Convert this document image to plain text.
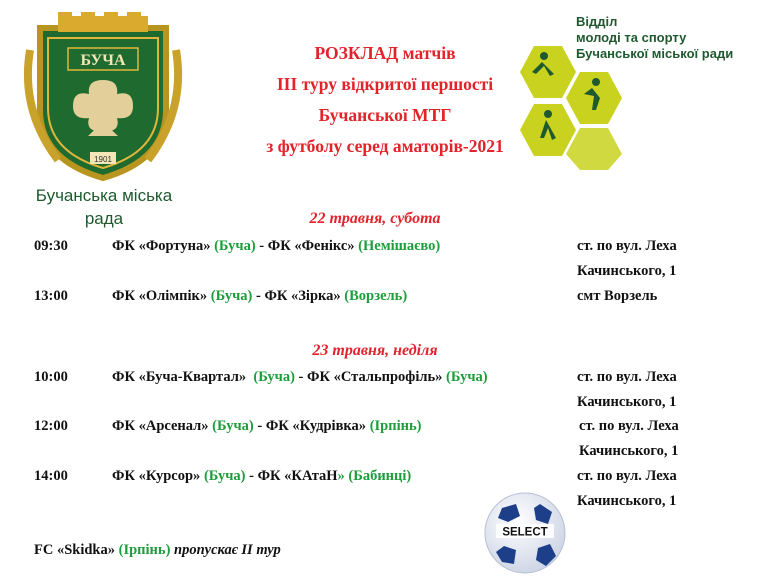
БУЧА
1901
Бучанська міська
рада
РОЗКЛАД матчів
ІІІ туру відкритої першості
Бучанської МТГ
з футболу серед аматорів-2021
Відділ
молоді та спорту
Бучанської міської ради
22 травня, субота
09:30	ФК «Фортуна» (Буча) - ФК «Фенікс» (Немішаєво)	ст. по вул. Леха
Качинського, 1
13:00	ФК «Олімпік» (Буча) - ФК «Зірка» (Ворзель)	смт Ворзель
23 травня, неділя
10:00	ФК «Буча-Квартал» (Буча) - ФК «Стальпрофіль» (Буча)	ст. по вул. Леха
Качинського, 1
12:00	ФК «Арсенал» (Буча) - ФК «Кудрівка» (Ірпінь)	ст. по вул. Леха
Качинського, 1
14:00	ФК «Курсор» (Буча) - ФК «КАтаН» (Бабинці)	ст. по вул. Леха
Качинського, 1
SELECT
FC «Skidka» (Ірпінь) пропускає ІІ тур
